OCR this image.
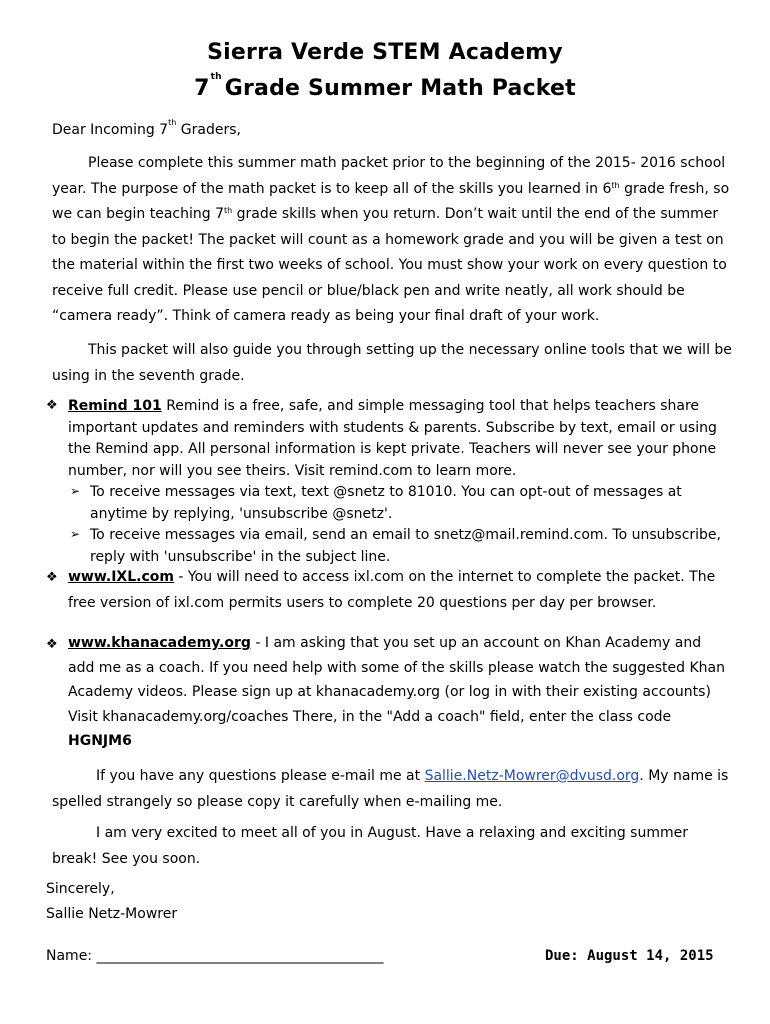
Sierra Verde STEM Academy
7th Grade Summer Math Packet
Dear Incoming 7th Graders,
Please complete this summer math packet prior to the beginning of the 2015- 2016 school year. The purpose of the math packet is to keep all of the skills you learned in 6th grade fresh, so we can begin teaching 7th grade skills when you return. Don’t wait until the end of the summer to begin the packet! The packet will count as a homework grade and you will be given a test on the material within the first two weeks of school. You must show your work on every question to receive full credit. Please use pencil or blue/black pen and write neatly, all work should be “camera ready”. Think of camera ready as being your final draft of your work.
This packet will also guide you through setting up the necessary online tools that we will be using in the seventh grade.
❖ Remind 101 Remind is a free, safe, and simple messaging tool that helps teachers share important updates and reminders with students & parents. Subscribe by text, email or using the Remind app. All personal information is kept private. Teachers will never see your phone number, nor will you see theirs. Visit remind.com to learn more.
➢ To receive messages via text, text @snetz to 81010. You can opt-out of messages at anytime by replying, 'unsubscribe @snetz'.
➢ To receive messages via email, send an email to snetz@mail.remind.com. To unsubscribe, reply with 'unsubscribe' in the subject line.
❖ www.IXL.com - You will need to access ixl.com on the internet to complete the packet. The free version of ixl.com permits users to complete 20 questions per day per browser.
❖ www.khanacademy.org - I am asking that you set up an account on Khan Academy and add me as a coach. If you need help with some of the skills please watch the suggested Khan Academy videos. Please sign up at khanacademy.org (or log in with their existing accounts) Visit khanacademy.org/coaches There, in the "Add a coach" field, enter the class code HGNJM6
If you have any questions please e-mail me at Sallie.Netz-Mowrer@dvusd.org. My name is spelled strangely so please copy it carefully when e-mailing me.
I am very excited to meet all of you in August. Have a relaxing and exciting summer break! See you soon.
Sincerely,
Sallie Netz-Mowrer
Name: _________________________________________	Due: August 14, 2015
